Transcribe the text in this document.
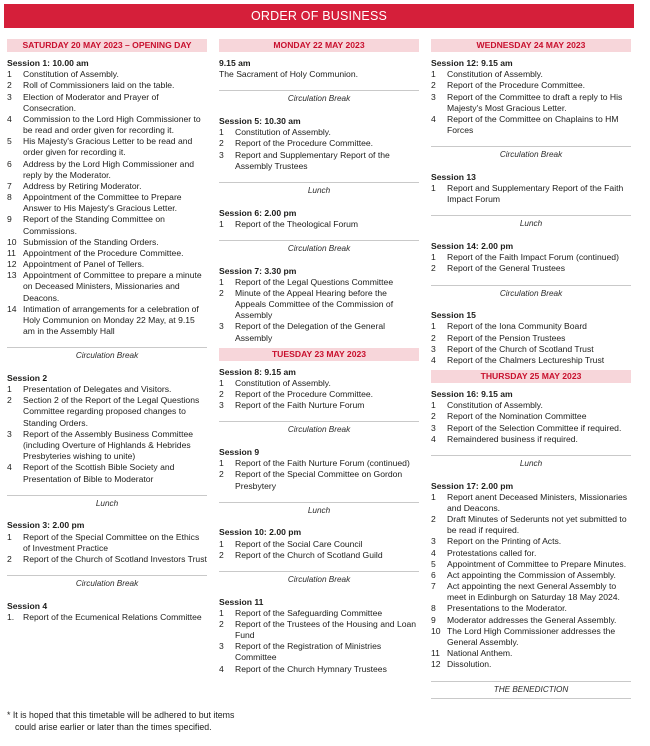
ORDER OF BUSINESS
SATURDAY 20 MAY 2023 – OPENING DAY
Session 1: 10.00 am
1	Constitution of Assembly.
2	Roll of Commissioners laid on the table.
3	Election of Moderator and Prayer of Consecration.
4	Commission to the Lord High Commissioner to be read and order given for recording it.
5	His Majesty's Gracious Letter to be read and order given for recording it.
6	Address by the Lord High Commissioner and reply by the Moderator.
7	Address by Retiring Moderator.
8	Appointment of the Committee to Prepare Answer to His Majesty's Gracious Letter.
9	Report of the Standing Committee on Commissions.
10 Submission of the Standing Orders.
11 Appointment of the Procedure Committee.
12 Appointment of Panel of Tellers.
13 Appointment of Committee to prepare a minute on Deceased Ministers, Missionaries and Deacons.
14 Intimation of arrangements for a celebration of Holy Communion on Monday 22 May, at 9.15 am in the Assembly Hall
Circulation Break
Session 2
1	Presentation of Delegates and Visitors.
2	Section 2 of the Report of the Legal Questions Committee regarding proposed changes to Standing Orders.
3	Report of the Assembly Business Committee (including Overture of Highlands & Hebrides Presbyteries wishing to unite)
4	Report of the Scottish Bible Society and Presentation of Bible to Moderator
Lunch
Session 3: 2.00 pm
1	Report of the Special Committee on the Ethics of Investment Practice
2	Report of the Church of Scotland Investors Trust
Circulation Break
Session 4
1.	Report of the Ecumenical Relations Committee
MONDAY 22 MAY 2023
9.15 am
The Sacrament of Holy Communion.
Circulation Break
Session 5: 10.30 am
1	Constitution of Assembly.
2	Report of the Procedure Committee.
3	Report and Supplementary Report of the Assembly Trustees
Lunch
Session 6: 2.00 pm
1	Report of the Theological Forum
Circulation Break
Session 7: 3.30 pm
1	Report of the Legal Questions Committee
2	Minute of the Appeal Hearing before the Appeals Committee of the Commission of Assembly
3	Report of the Delegation of the General Assembly
TUESDAY 23 MAY 2023
Session 8: 9.15 am
1	Constitution of Assembly.
2	Report of the Procedure Committee.
3	Report of the Faith Nurture Forum
Circulation Break
Session 9
1	Report of the Faith Nurture Forum (continued)
2	Report of the Special Committee on Gordon Presbytery
Lunch
Session 10: 2.00 pm
1	Report of the Social Care Council
2	Report of the Church of Scotland Guild
Circulation Break
Session 11
1	Report of the Safeguarding Committee
2	Report of the Trustees of the Housing and Loan Fund
3	Report of the Registration of Ministries Committee
4	Report of the Church Hymnary Trustees
WEDNESDAY 24 MAY 2023
Session 12: 9.15 am
1	Constitution of Assembly.
2	Report of the Procedure Committee.
3	Report of the Committee to draft a reply to His Majesty's Most Gracious Letter.
4	Report of the Committee on Chaplains to HM Forces
Circulation Break
Session 13
1	Report and Supplementary Report of the Faith Impact Forum
Lunch
Session 14: 2.00 pm
1	Report of the Faith Impact Forum (continued)
2	Report of the General Trustees
Circulation Break
Session 15
1	Report of the Iona Community Board
2	Report of the Pension Trustees
3	Report of the Church of Scotland Trust
4	Report of the Chalmers Lectureship Trust
THURSDAY 25 MAY 2023
Session 16: 9.15 am
1	Constitution of Assembly.
2	Report of the Nomination Committee
3	Report of the Selection Committee if required.
4	Remaindered business if required.
Lunch
Session 17: 2.00 pm
1	Report anent Deceased Ministers, Missionaries and Deacons.
2	Draft Minutes of Sederunts not yet submitted to be read if required.
3	Report on the Printing of Acts.
4	Protestations called for.
5	Appointment of Committee to Prepare Minutes.
6	Act appointing the Commission of Assembly.
7	Act appointing the next General Assembly to meet in Edinburgh on Saturday 18 May 2024.
8	Presentations to the Moderator.
9	Moderator addresses the General Assembly.
10 The Lord High Commissioner addresses the General Assembly.
11 National Anthem.
12 Dissolution.
THE BENEDICTION
* It is hoped that this timetable will be adhered to but items
could arise earlier or later than the times specified.
